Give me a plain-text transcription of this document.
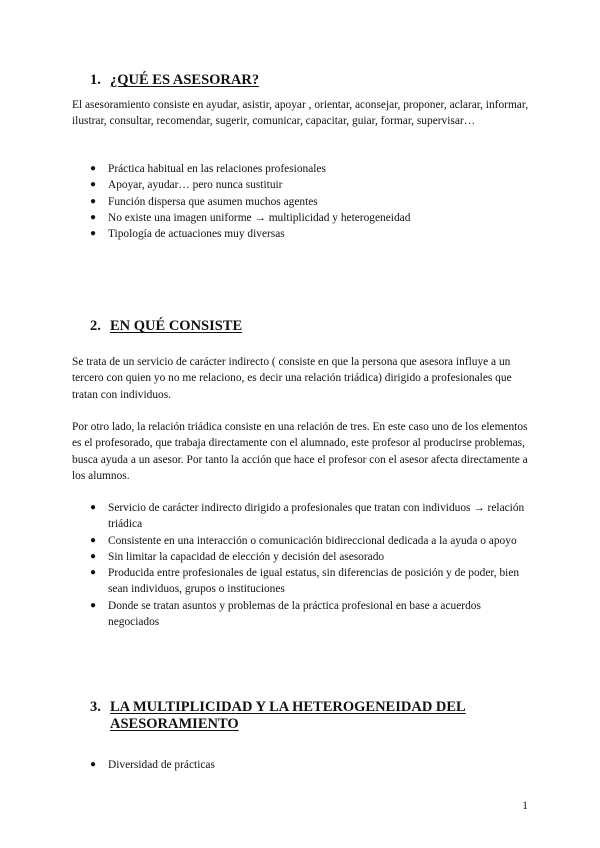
1. ¿QUÉ ES ASESORAR?

El asesoramiento consiste en ayudar, asistir, apoyar , orientar, aconsejar, proponer, aclarar, informar, ilustrar, consultar, recomendar, sugerir, comunicar, capacitar, guiar, formar, supervisar…

● Práctica habitual en las relaciones profesionales
● Apoyar, ayudar… pero nunca sustituir
● Función dispersa que asumen muchos agentes
● No existe una imagen uniforme → multiplicidad y heterogeneidad
● Tipología de actuaciones muy diversas
2. EN QUÉ CONSISTE

Se trata de un servicio de carácter indirecto ( consiste en que la persona que asesora influye a un tercero con quien yo no me relaciono, es decir una relación triádica) dirigido a profesionales que tratan con individuos.

Por otro lado, la relación triádica consiste en una relación de tres. En este caso uno de los elementos es el profesorado, que trabaja directamente con el alumnado, este profesor al producirse problemas, busca ayuda a un asesor. Por tanto la acción que hace el profesor con el asesor afecta directamente a los alumnos.

● Servicio de carácter indirecto dirigido a profesionales que tratan con individuos → relación triádica
● Consistente en una interacción o comunicación bidireccional dedicada a la ayuda o apoyo
● Sin limitar la capacidad de elección y decisión del asesorado
● Producida entre profesionales de igual estatus, sin diferencias de posición y de poder, bien sean individuos, grupos o instituciones
● Donde se tratan asuntos y problemas de la práctica profesional en base a acuerdos negociados
3. LA MULTIPLICIDAD Y LA HETEROGENEIDAD DEL ASESORAMIENTO
● Diversidad de prácticas
1
